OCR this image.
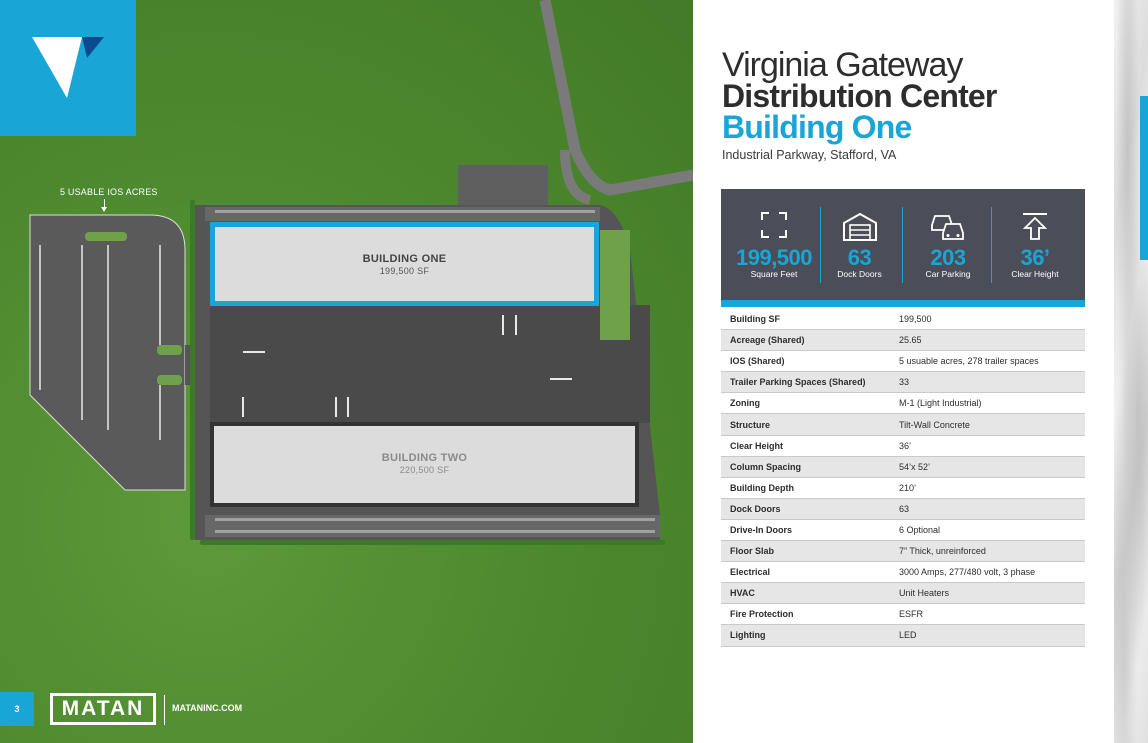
5 USABLE IOS ACRES
BUILDING ONE
199,500 SF
BUILDING TWO
220,500 SF
3	MATAN	MATANINC.COM
Virginia Gateway
Distribution Center
Building One
Industrial Parkway, Stafford, VA
199,500
Square Feet
63
Dock Doors
203
Car Parking
36’
Clear Height
Building SF	199,500
Acreage (Shared)	25.65
IOS (Shared)	5 usuable acres, 278 trailer spaces
Trailer Parking Spaces (Shared)	33
Zoning	M-1 (Light Industrial)
Structure	Tilt-Wall Concrete
Clear Height	36’
Column Spacing	54’x 52’
Building Depth	210’
Dock Doors	63
Drive-In Doors	6 Optional
Floor Slab	7” Thick, unreinforced
Electrical	3000 Amps, 277/480 volt, 3 phase
HVAC	Unit Heaters
Fire Protection	ESFR
Lighting	LED
